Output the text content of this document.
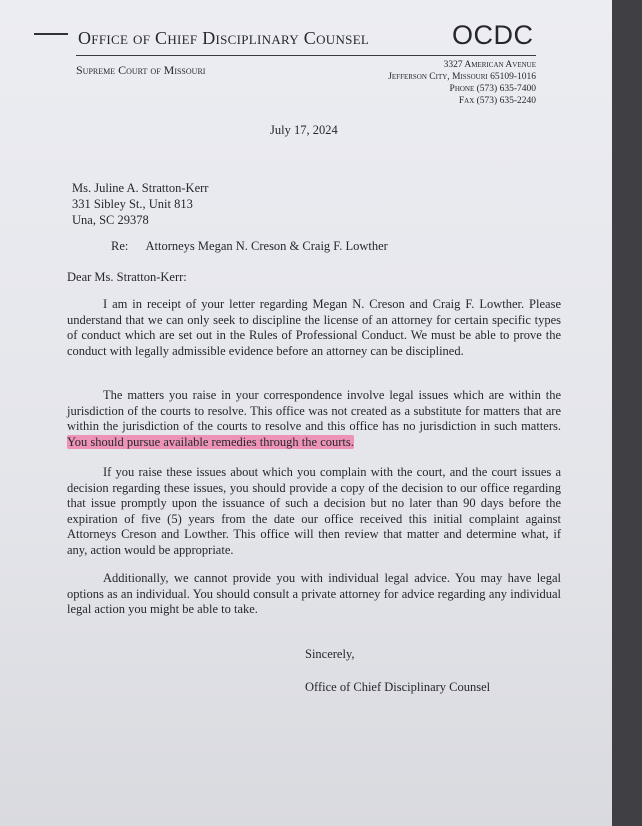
Office of Chief Disciplinary Counsel	OCDC
Supreme Court of Missouri	3327 American Avenue
Jefferson City, Missouri 65109-1016
Phone (573) 635-7400
Fax (573) 635-2240
July 17, 2024
Ms. Juline A. Stratton-Kerr
331 Sibley St., Unit 813
Una, SC 29378
Re: Attorneys Megan N. Creson & Craig F. Lowther
Dear Ms. Stratton-Kerr:
I am in receipt of your letter regarding Megan N. Creson and Craig F. Lowther. Please understand that we can only seek to discipline the license of an attorney for certain specific types of conduct which are set out in the Rules of Professional Conduct. We must be able to prove the conduct with legally admissible evidence before an attorney can be disciplined.
The matters you raise in your correspondence involve legal issues which are within the jurisdiction of the courts to resolve. This office was not created as a substitute for matters that are within the jurisdiction of the courts to resolve and this office has no jurisdiction in such matters. You should pursue available remedies through the courts.
If you raise these issues about which you complain with the court, and the court issues a decision regarding these issues, you should provide a copy of the decision to our office regarding that issue promptly upon the issuance of such a decision but no later than 90 days before the expiration of five (5) years from the date our office received this initial complaint against Attorneys Creson and Lowther. This office will then review that matter and determine what, if any, action would be appropriate.
Additionally, we cannot provide you with individual legal advice. You may have legal options as an individual. You should consult a private attorney for advice regarding any individual legal action you might be able to take.
Sincerely,
Office of Chief Disciplinary Counsel
